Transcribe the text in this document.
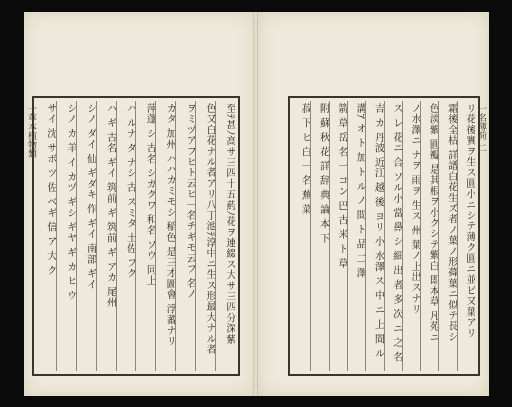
一草本植物類	至ﾃ甚ﾉ高サ三四十五葯ﾉ花ヲ連綴ス大サ三四分深紫
色又白花ナル者アリ八丁池ﾃ淳中ニ生ス形最大ナル者
ヲミヅアフヒト云ヒ一名チギモ云フ 名ノ
カタ 加州 ハハカミモシ 稲色 是三才圖會 浮蕃ナリ
萍蓬 シ 古名 シガクワ 和名 ソウ 同上
ハ ルナ ダ ナシ 古 スミタ 土佐 フク
ハ ギ 古名 ギイ 筑前 ギ 筑前 ギ アカ 尾州
シノ ダイ 仙 ギダキ 作 ギイ 南部 ギイ
シノ カ 羊 イ カヅ ギシ ギヤ ギ カ ヒ ウ
サイ 沈 サボ ツ 佐 ベギ 信 ア 大 ク	一名薄荷 二
リ花後實ヲ生ス圓小ニシテ薄ク圓ニ並ビ又葉アリ
霜後全枯 詳譜白花生ズ者ノ葉ノ形蕣葉ニ似テ長シ
色淡紫 圓瓣 是其根ヲ小クシテ紫白 即本草 凡苑ニ
ノ水澤ニ ナヲ 雨ヲ 生ス 州 葉ノ上出スナリ
ス レ 花ニ 合 ソル小 當 鼻 シ 細 出 者 多 次 ニ 之 名
吉 カ 丹波 近江 越 後 ヨリ 小 水澤 ス 中 ニ 上 間 ル
溝ｱ オ ト 加 ト ル ノ 間 ト 品 二 澤
箭 草 岳 名 一 コン 巴 古 米 ト 草
附 蘇 秋 花 詳 辞 典 論 本 下
菽 下 ヒ 白 一 名 蕪 菜
